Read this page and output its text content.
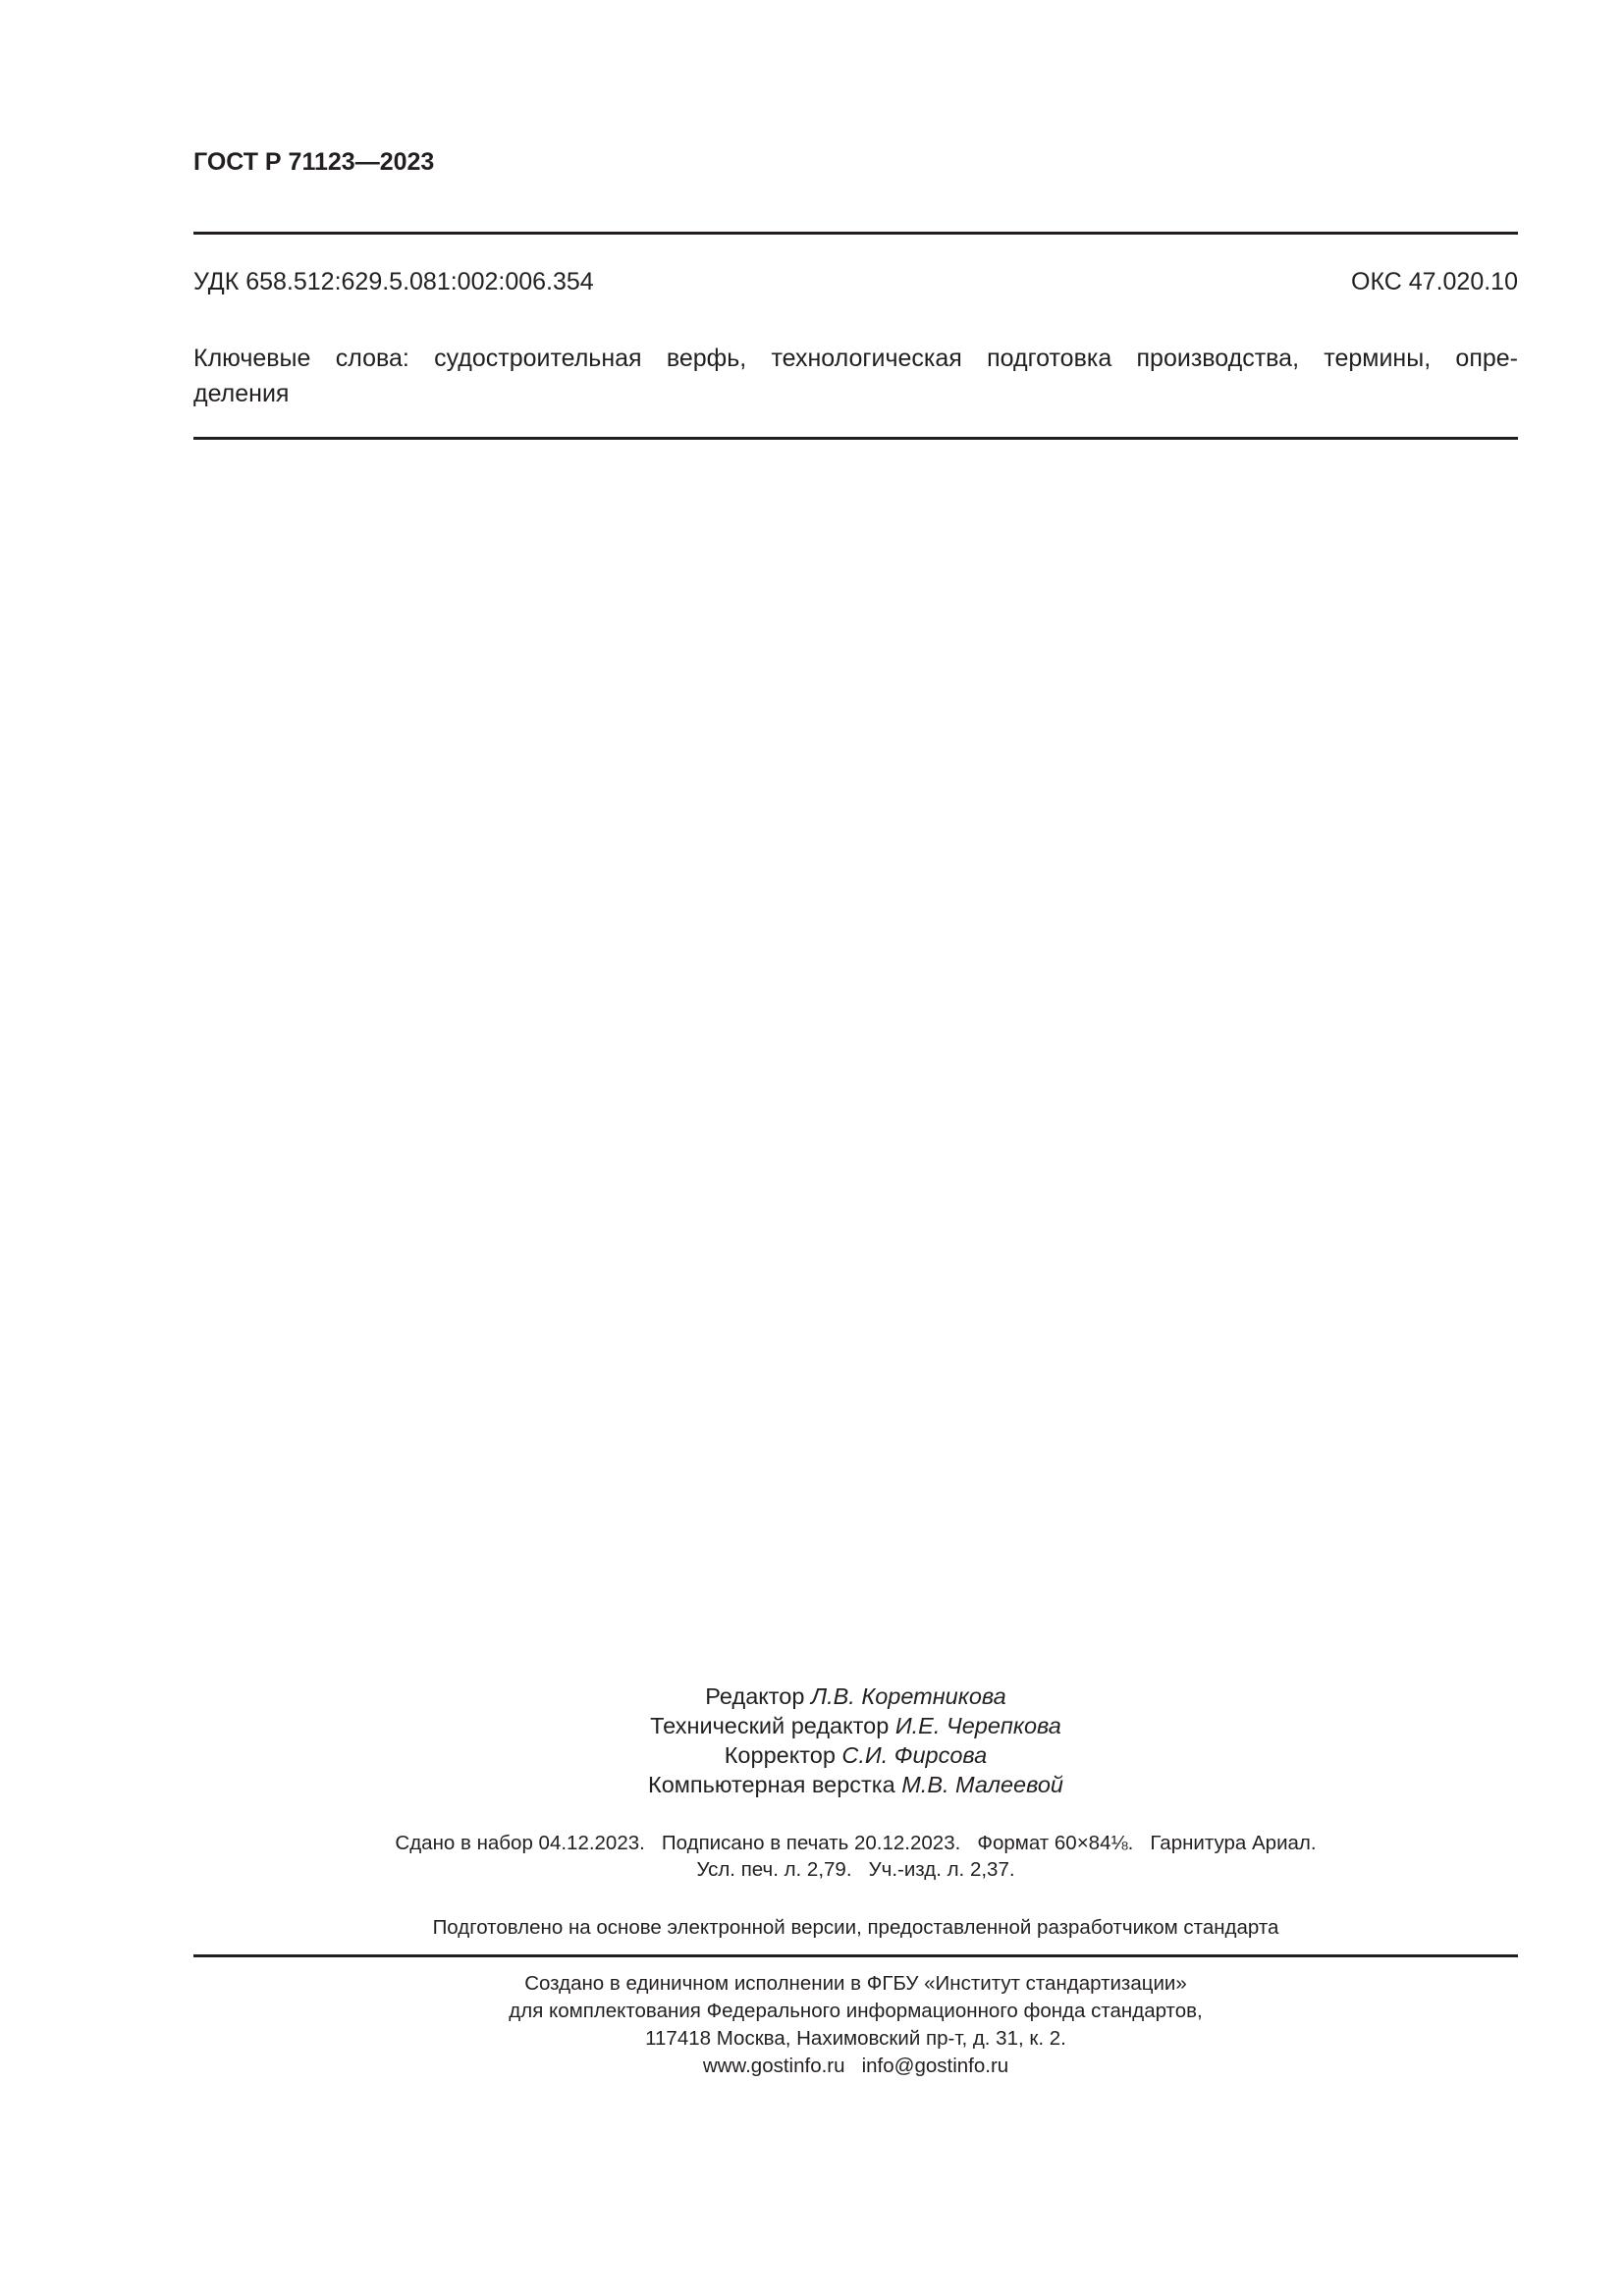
ГОСТ Р 71123—2023
УДК 658.512:629.5.081:002:006.354	ОКС 47.020.10
Ключевые слова: судостроительная верфь, технологическая подготовка производства, термины, опре-
деления
Редактор Л.В. Коретникова
Технический редактор И.Е. Черепкова
Корректор С.И. Фирсова
Компьютерная верстка М.В. Малеевой
Сдано в набор 04.12.2023.   Подписано в печать 20.12.2023.   Формат 60×84⅛.   Гарнитура Ариал.
Усл. печ. л. 2,79.   Уч.-изд. л. 2,37.
Подготовлено на основе электронной версии, предоставленной разработчиком стандарта
Создано в единичном исполнении в ФГБУ «Институт стандартизации»
для комплектования Федерального информационного фонда стандартов,
117418 Москва, Нахимовский пр-т, д. 31, к. 2.
www.gostinfo.ru   info@gostinfo.ru
